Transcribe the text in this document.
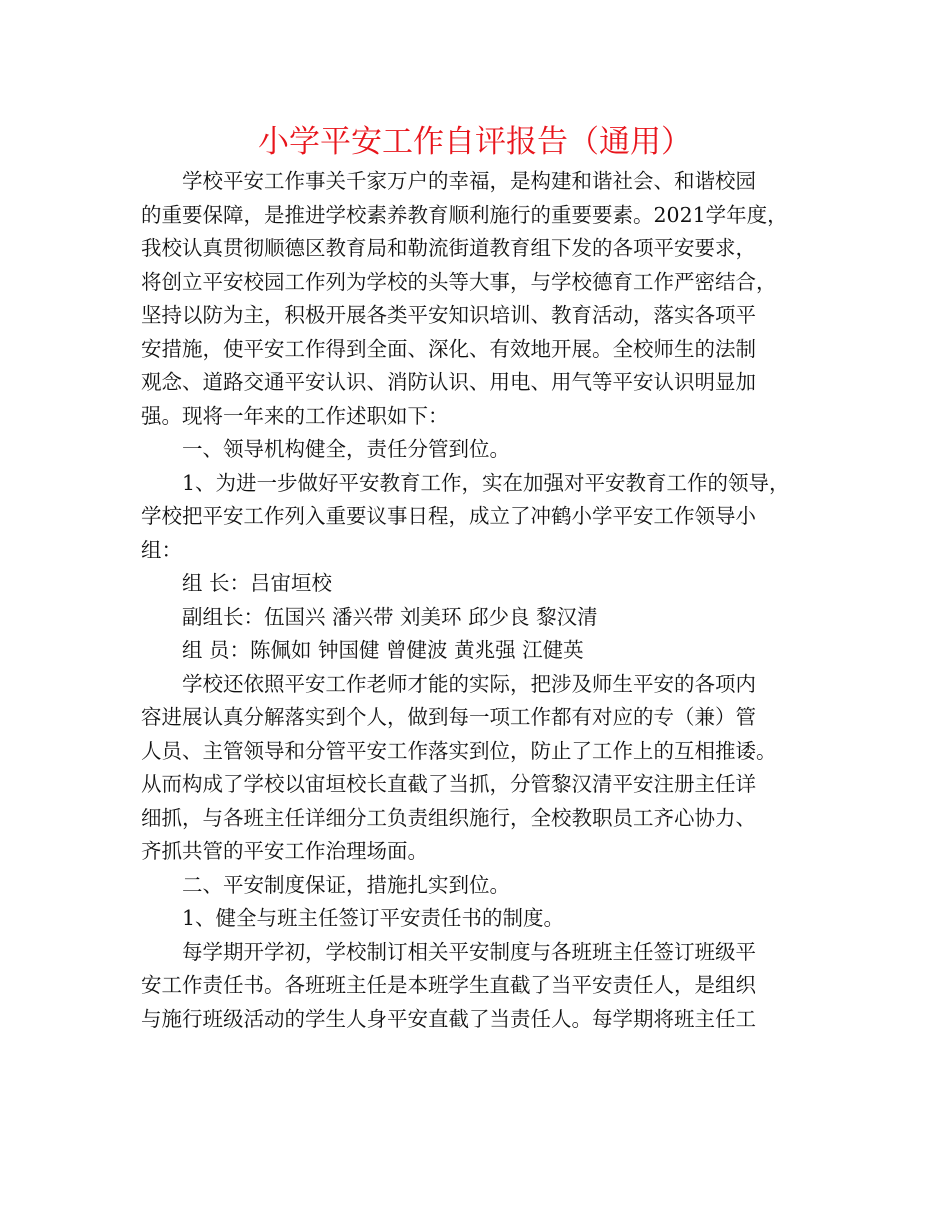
小学平安工作自评报告（通用）
学校平安工作事关千家万户的幸福，是构建和谐社会、和谐校园
的重要保障，是推进学校素养教育顺利施行的重要要素。2021学年度，
我校认真贯彻顺德区教育局和勒流街道教育组下发的各项平安要求，
将创立平安校园工作列为学校的头等大事，与学校德育工作严密结合，
坚持以防为主，积极开展各类平安知识培训、教育活动，落实各项平
安措施，使平安工作得到全面、深化、有效地开展。全校师生的法制
观念、道路交通平安认识、消防认识、用电、用气等平安认识明显加
强。现将一年来的工作述职如下：
一、领导机构健全，责任分管到位。
1、为进一步做好平安教育工作，实在加强对平安教育工作的领导，
学校把平安工作列入重要议事日程，成立了冲鹤小学平安工作领导小
组：
组 长：吕宙垣校
副组长：伍国兴 潘兴带 刘美环 邱少良 黎汉清
组 员：陈佩如 钟国健 曾健波 黄兆强 江健英
学校还依照平安工作老师才能的实际，把涉及师生平安的各项内
容进展认真分解落实到个人，做到每一项工作都有对应的专（兼）管
人员、主管领导和分管平安工作落实到位，防止了工作上的互相推诿。
从而构成了学校以宙垣校长直截了当抓，分管黎汉清平安注册主任详
细抓，与各班主任详细分工负责组织施行，全校教职员工齐心协力、
齐抓共管的平安工作治理场面。
二、平安制度保证，措施扎实到位。
1、健全与班主任签订平安责任书的制度。
每学期开学初，学校制订相关平安制度与各班班主任签订班级平
安工作责任书。各班班主任是本班学生直截了当平安责任人，是组织
与施行班级活动的学生人身平安直截了当责任人。每学期将班主任工
